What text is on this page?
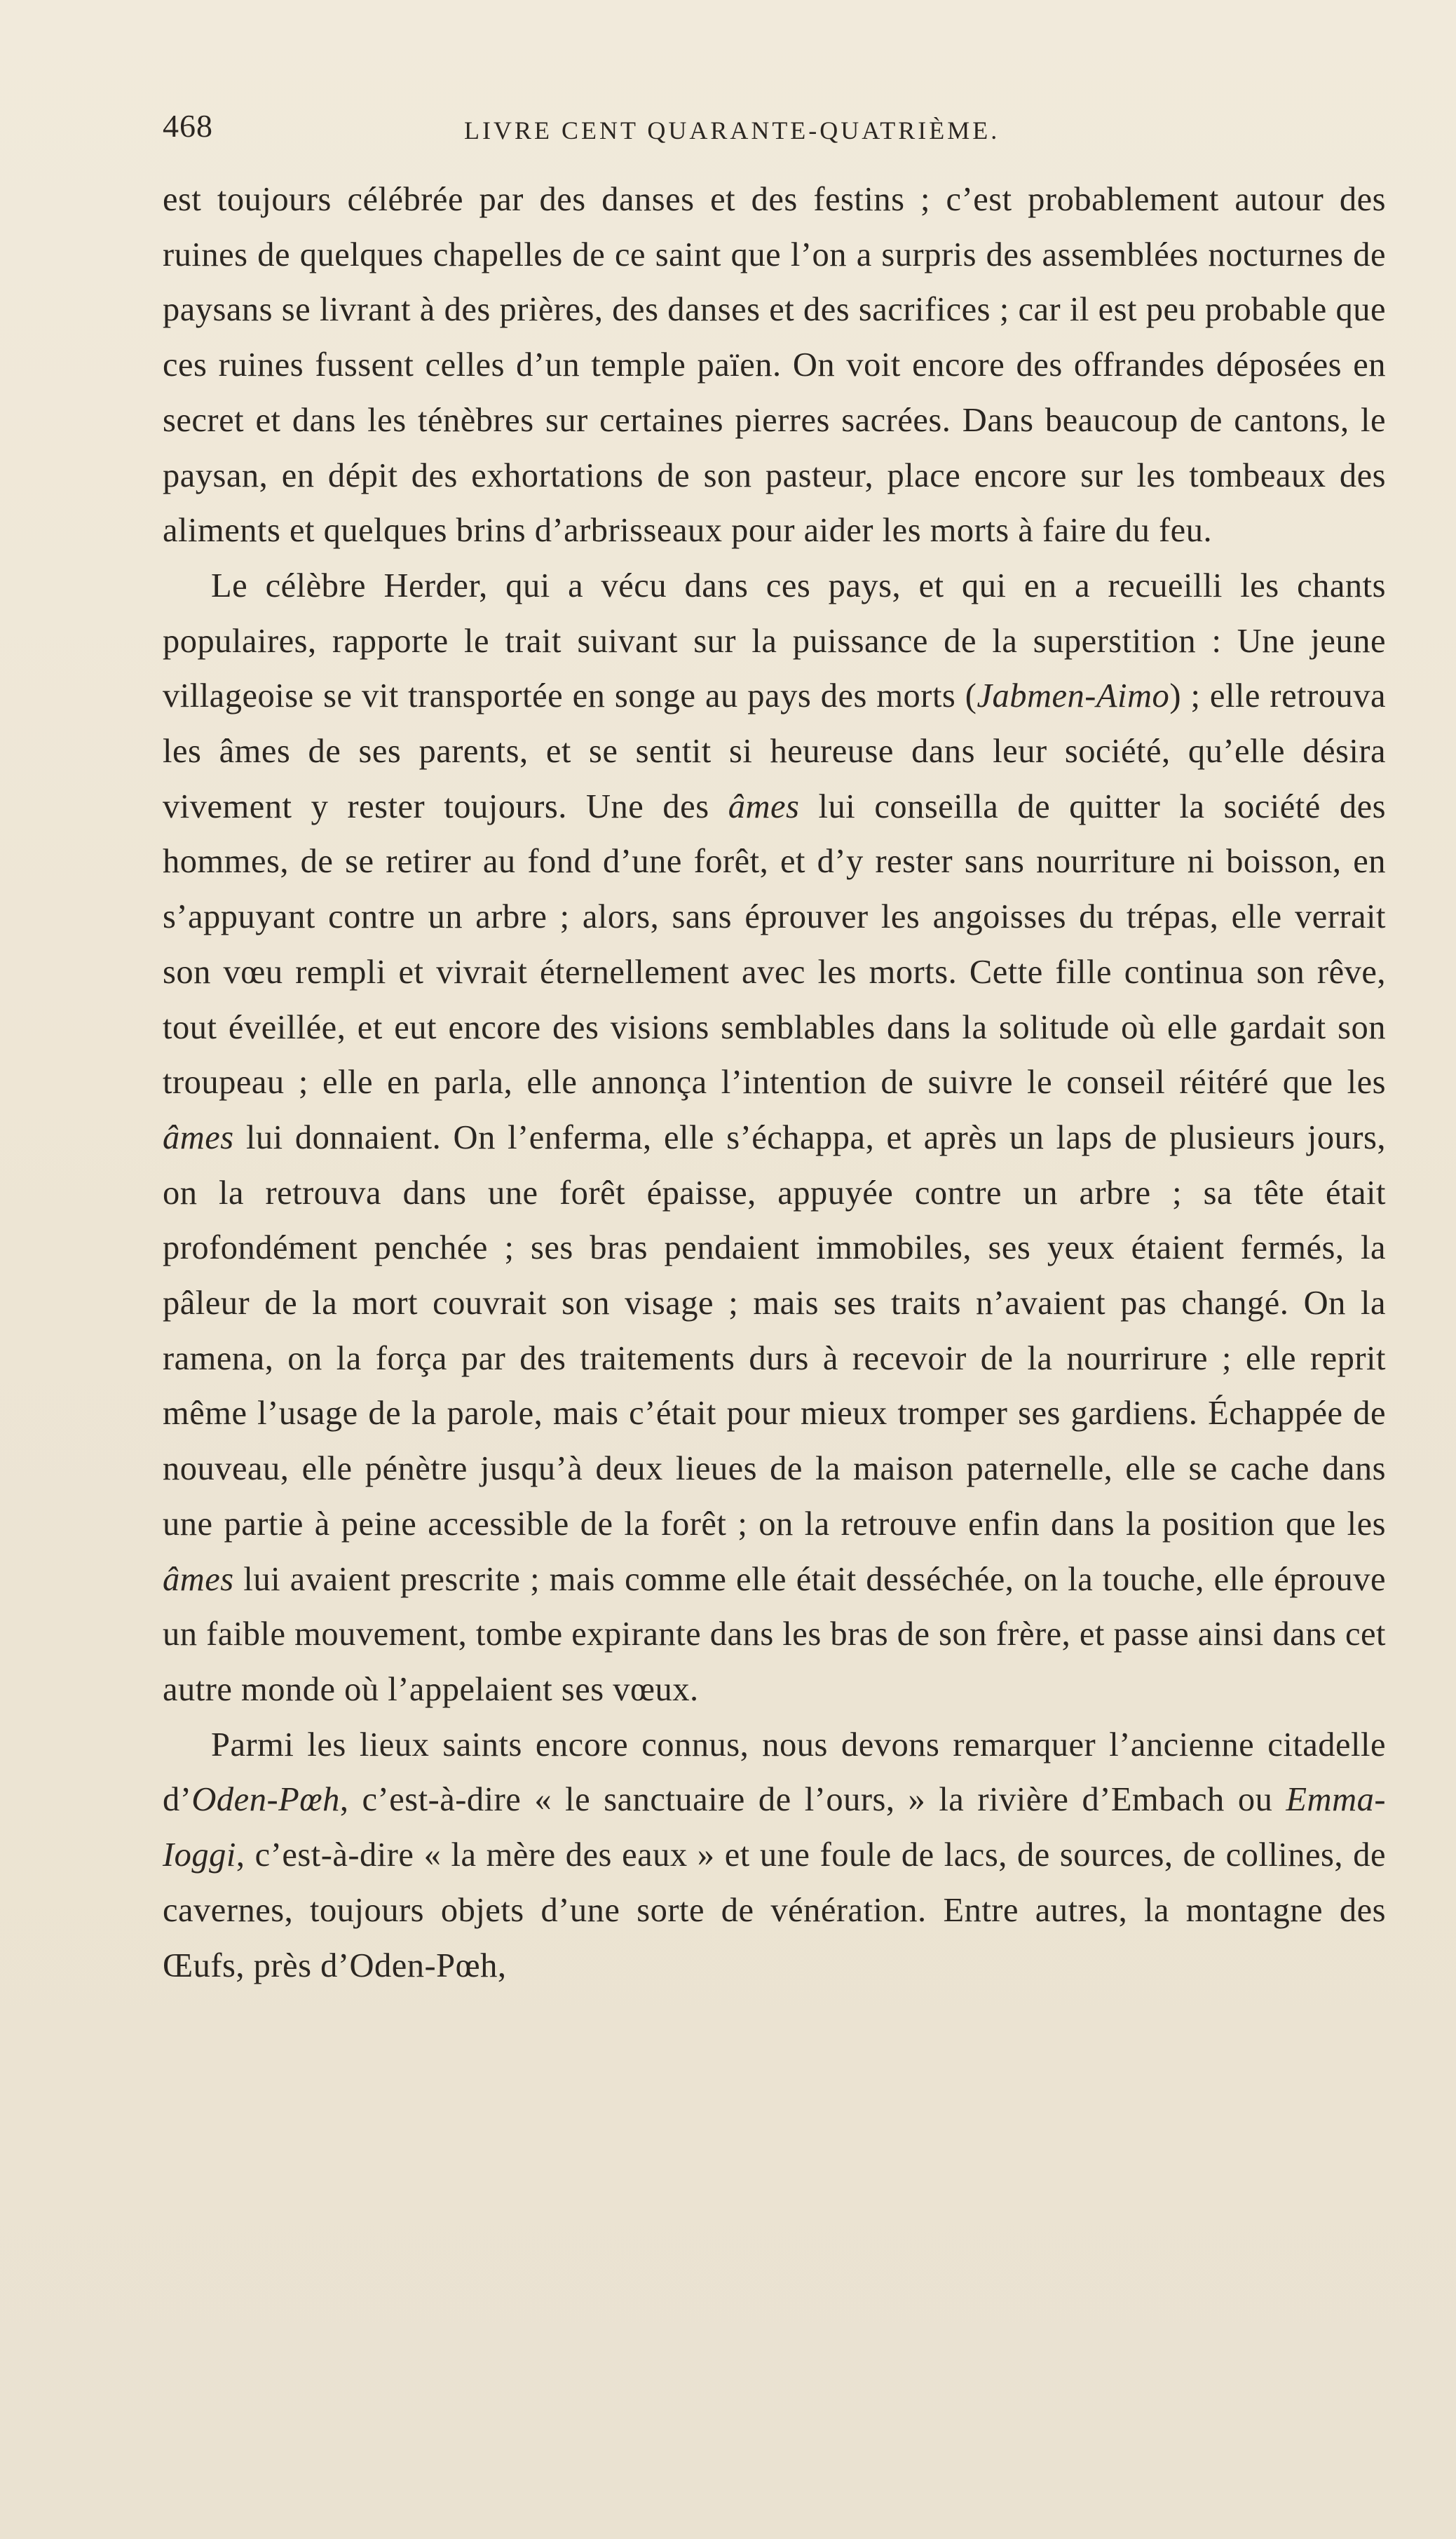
468	LIVRE CENT QUARANTE-QUATRIÈME.

est toujours célébrée par des danses et des festins ; c’est probablement autour des ruines de quelques chapelles de ce saint que l’on a surpris des assemblées nocturnes de paysans se livrant à des prières, des danses et des sacrifices ; car il est peu probable que ces ruines fussent celles d’un temple païen. On voit encore des offrandes déposées en secret et dans les ténèbres sur certaines pierres sacrées. Dans beaucoup de cantons, le paysan, en dépit des exhortations de son pasteur, place encore sur les tombeaux des aliments et quelques brins d’arbrisseaux pour aider les morts à faire du feu.

Le célèbre Herder, qui a vécu dans ces pays, et qui en a recueilli les chants populaires, rapporte le trait suivant sur la puissance de la superstition : Une jeune villageoise se vit transportée en songe au pays des morts (Jabmen-Aimo) ; elle retrouva les âmes de ses parents, et se sentit si heureuse dans leur société, qu’elle désira vivement y rester toujours. Une des âmes lui conseilla de quitter la société des hommes, de se retirer au fond d’une forêt, et d’y rester sans nourriture ni boisson, en s’appuyant contre un arbre ; alors, sans éprouver les angoisses du trépas, elle verrait son vœu rempli et vivrait éternellement avec les morts. Cette fille continua son rêve, tout éveillée, et eut encore des visions semblables dans la solitude où elle gardait son troupeau ; elle en parla, elle annonça l’intention de suivre le conseil réitéré que les âmes lui donnaient. On l’enferma, elle s’échappa, et après un laps de plusieurs jours, on la retrouva dans une forêt épaisse, appuyée contre un arbre ; sa tête était profondément penchée ; ses bras pendaient immobiles, ses yeux étaient fermés, la pâleur de la mort couvrait son visage ; mais ses traits n’avaient pas changé. On la ramena, on la força par des traitements durs à recevoir de la nourrirure ; elle reprit même l’usage de la parole, mais c’était pour mieux tromper ses gardiens. Échappée de nouveau, elle pénètre jusqu’à deux lieues de la maison paternelle, elle se cache dans une partie à peine accessible de la forêt ; on la retrouve enfin dans la position que les âmes lui avaient prescrite ; mais comme elle était desséchée, on la touche, elle éprouve un faible mouvement, tombe expirante dans les bras de son frère, et passe ainsi dans cet autre monde où l’appelaient ses vœux.

Parmi les lieux saints encore connus, nous devons remarquer l’ancienne citadelle d’Oden-Pœh, c’est-à-dire « le sanctuaire de l’ours, » la rivière d’Embach ou Emma-Ioggi, c’est-à-dire « la mère des eaux » et une foule de lacs, de sources, de collines, de cavernes, toujours objets d’une sorte de vénération. Entre autres, la montagne des Œufs, près d’Oden-Pœh,
